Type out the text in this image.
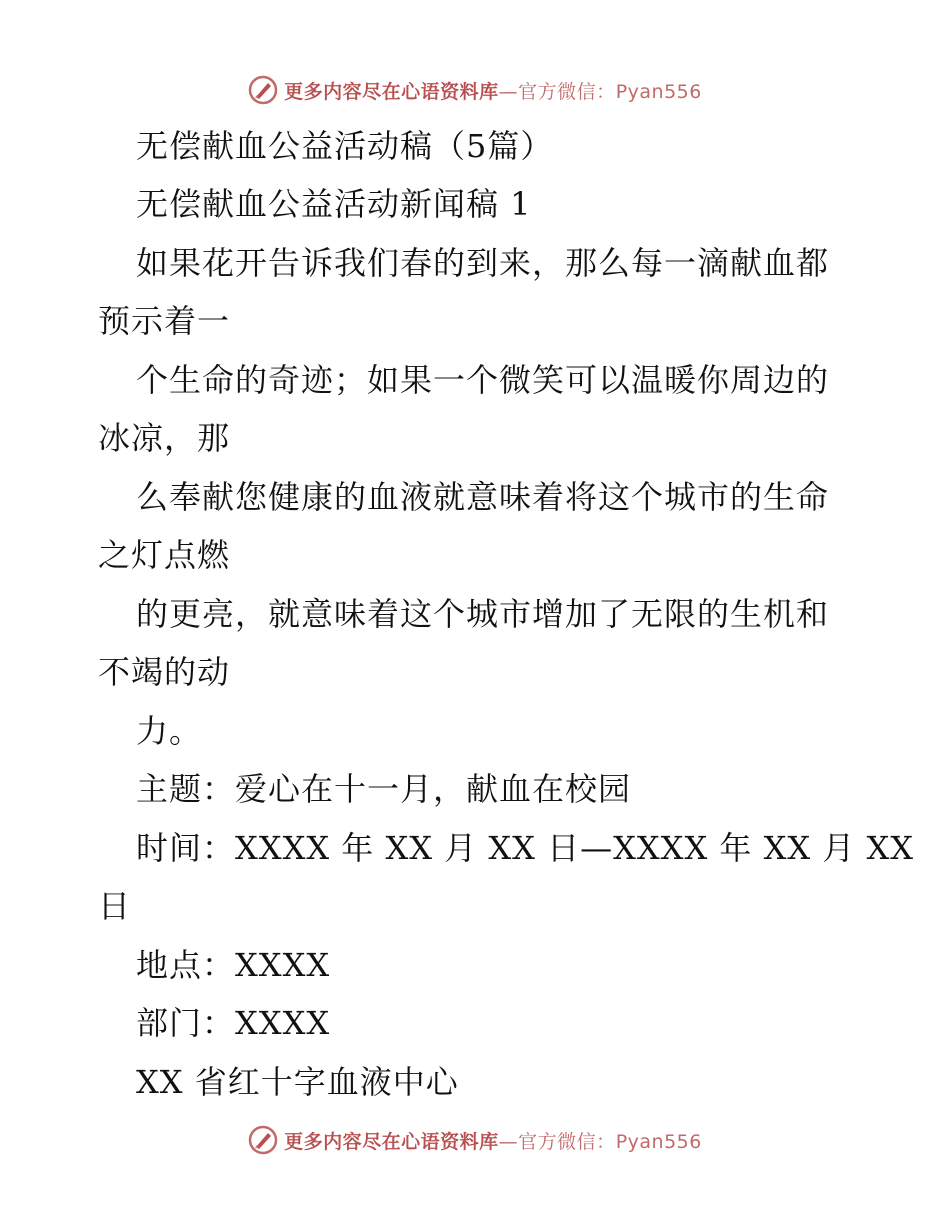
更多内容尽在心语资料库—官方微信：Pyan556
无偿献血公益活动稿（5篇）
无偿献血公益活动新闻稿 1
如果花开告诉我们春的到来，那么每一滴献血都
预示着一
个生命的奇迹；如果一个微笑可以温暖你周边的
冰凉，那
么奉献您健康的血液就意味着将这个城市的生命
之灯点燃
的更亮，就意味着这个城市增加了无限的生机和
不竭的动
力。
主题：爱心在十一月，献血在校园
时间：XXXX 年 XX 月 XX 日—XXXX 年 XX 月 XX
日
地点：XXXX
部门：XXXX
XX 省红十字血液中心
更多内容尽在心语资料库—官方微信：Pyan556
